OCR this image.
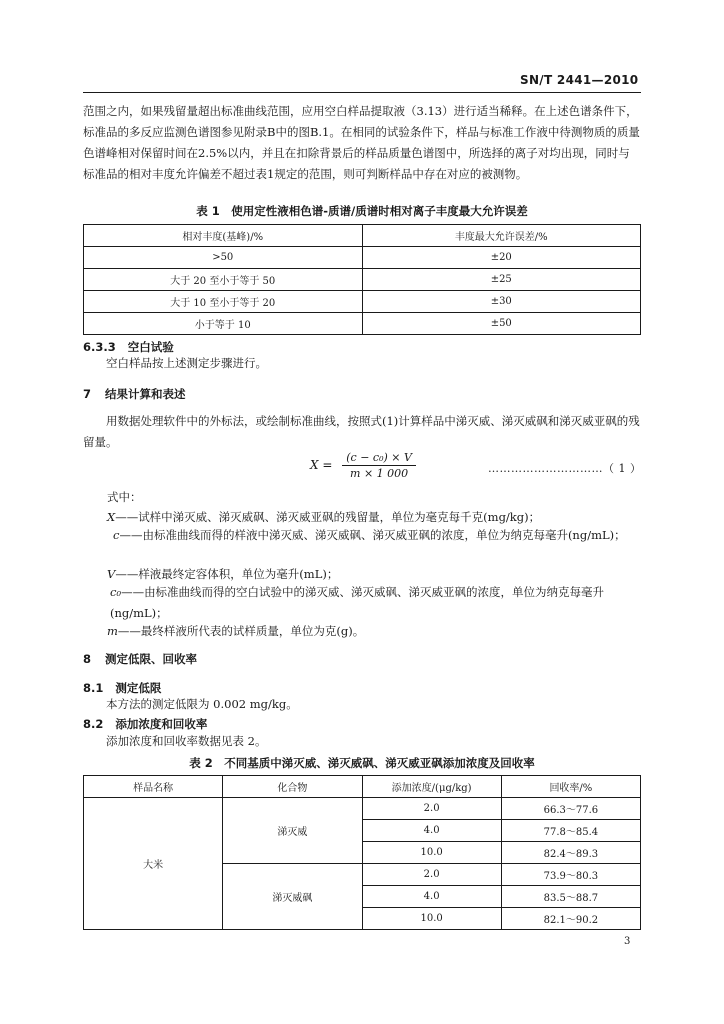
SN/T 2441—2010

范围之内，如果残留量超出标准曲线范围，应用空白样品提取液（3.13）进行适当稀释。在上述色谱条件下，标准品的多反应监测色谱图参见附录B中的图B.1。在相同的试验条件下，样品与标准工作液中待测物质的质量色谱峰相对保留时间在2.5%以内，并且在扣除背景后的样品质量色谱图中，所选择的离子对均出现，同时与标准品的相对丰度允许偏差不超过表1规定的范围，则可判断样品中存在对应的被测物。

表 1　使用定性液相色谱-质谱/质谱时相对离子丰度最大允许误差
相对丰度(基峰)/%	丰度最大允许误差/%
>50	±20
大于 20 至小于等于 50	±25
大于 10 至小于等于 20	±30
小于等于 10	±50
6.3.3 空白试验

空白样品按上述测定步骤进行。

7 结果计算和表述

用数据处理软件中的外标法，或绘制标准曲线，按照式(1)计算样品中涕灭威、涕灭威砜和涕灭威亚砜的残留量。

$X = \frac{\text{(c − c₀) × V}}{m \times 1 000}$	…………………………（ 1 ）
式中：
X——试样中涕灭威、涕灭威砜、涕灭威亚砜的残留量，单位为毫克每千克(mg/kg)；
c——由标准曲线而得的样液中涕灭威、涕灭威砜、涕灭威亚砜的浓度，单位为纳克每毫升(ng/mL)；
V——样液最终定容体积，单位为毫升(mL)；
c₀——由标准曲线而得的空白试验中的涕灭威、涕灭威砜、涕灭威亚砜的浓度，单位为纳克每毫升(ng/mL)；
m——最终样液所代表的试样质量，单位为克(g)。
8 测定低限、回收率
8.1 测定低限

本方法的测定低限为 0.002 mg/kg。

8.2 添加浓度和回收率

添加浓度和回收率数据见表 2。

表 2　不同基质中涕灭威、涕灭威砜、涕灭威亚砜添加浓度及回收率
样品名称	化合物	添加浓度/(μg/kg)	回收率/%
大米	涕灭威	2.0	66.3～77.6
		4.0	77.8～85.4
		10.0	82.4～89.3
	涕灭威砜	2.0	73.9～80.3
		4.0	83.5～88.7
		10.0	82.1～90.2
3
